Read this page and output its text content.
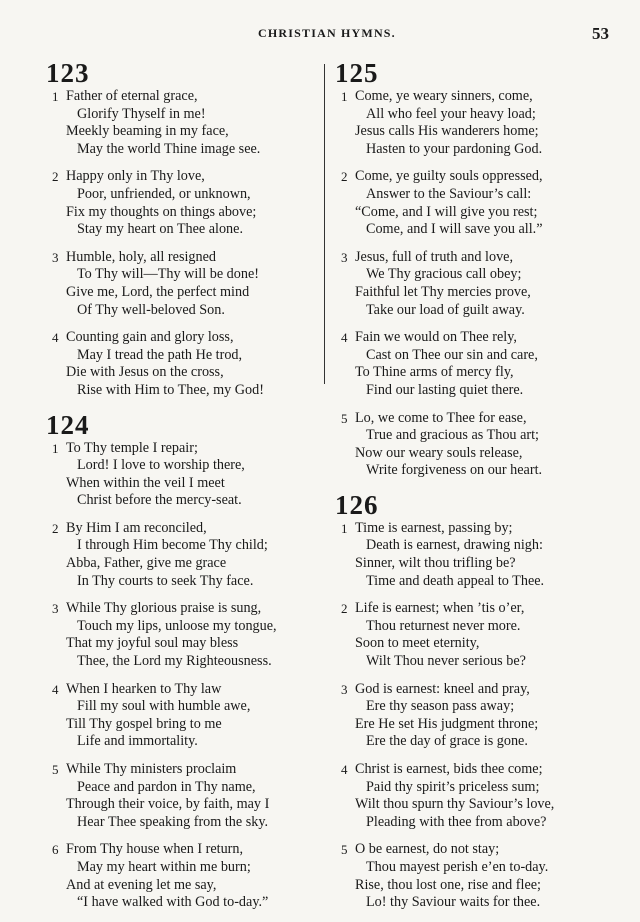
CHRISTIAN HYMNS.	53
123
1 Father of eternal grace,
Glorify Thyself in me!
Meekly beaming in my face,
May the world Thine image see.
2 Happy only in Thy love,
Poor, unfriended, or unknown,
Fix my thoughts on things above;
Stay my heart on Thee alone.
3 Humble, holy, all resigned
To Thy will—Thy will be done!
Give me, Lord, the perfect mind
Of Thy well-beloved Son.
4 Counting gain and glory loss,
May I tread the path He trod,
Die with Jesus on the cross,
Rise with Him to Thee, my God!
124
1 To Thy temple I repair;
Lord! I love to worship there,
When within the veil I meet
Christ before the mercy-seat.
2 By Him I am reconciled,
I through Him become Thy child;
Abba, Father, give me grace
In Thy courts to seek Thy face.
3 While Thy glorious praise is sung,
Touch my lips, unloose my tongue,
That my joyful soul may bless
Thee, the Lord my Righteousness.
4 When I hearken to Thy law
Fill my soul with humble awe,
Till Thy gospel bring to me
Life and immortality.
5 While Thy ministers proclaim
Peace and pardon in Thy name,
Through their voice, by faith, may I
Hear Thee speaking from the sky.
6 From Thy house when I return,
May my heart within me burn;
And at evening let me say,
“I have walked with God to-day.”
125
1 Come, ye weary sinners, come,
All who feel your heavy load;
Jesus calls His wanderers home;
Hasten to your pardoning God.
2 Come, ye guilty souls oppressed,
Answer to the Saviour’s call:
“Come, and I will give you rest;
Come, and I will save you all.”
3 Jesus, full of truth and love,
We Thy gracious call obey;
Faithful let Thy mercies prove,
Take our load of guilt away.
4 Fain we would on Thee rely,
Cast on Thee our sin and care,
To Thine arms of mercy fly,
Find our lasting quiet there.
5 Lo, we come to Thee for ease,
True and gracious as Thou art;
Now our weary souls release,
Write forgiveness on our heart.
126
1 Time is earnest, passing by;
Death is earnest, drawing nigh:
Sinner, wilt thou trifling be?
Time and death appeal to Thee.
2 Life is earnest; when ’tis o’er,
Thou returnest never more.
Soon to meet eternity,
Wilt Thou never serious be?
3 God is earnest: kneel and pray,
Ere thy season pass away;
Ere He set His judgment throne;
Ere the day of grace is gone.
4 Christ is earnest, bids thee come;
Paid thy spirit’s priceless sum;
Wilt thou spurn thy Saviour’s love,
Pleading with thee from above?
5 O be earnest, do not stay;
Thou mayest perish e’en to-day.
Rise, thou lost one, rise and flee;
Lo! thy Saviour waits for thee.
